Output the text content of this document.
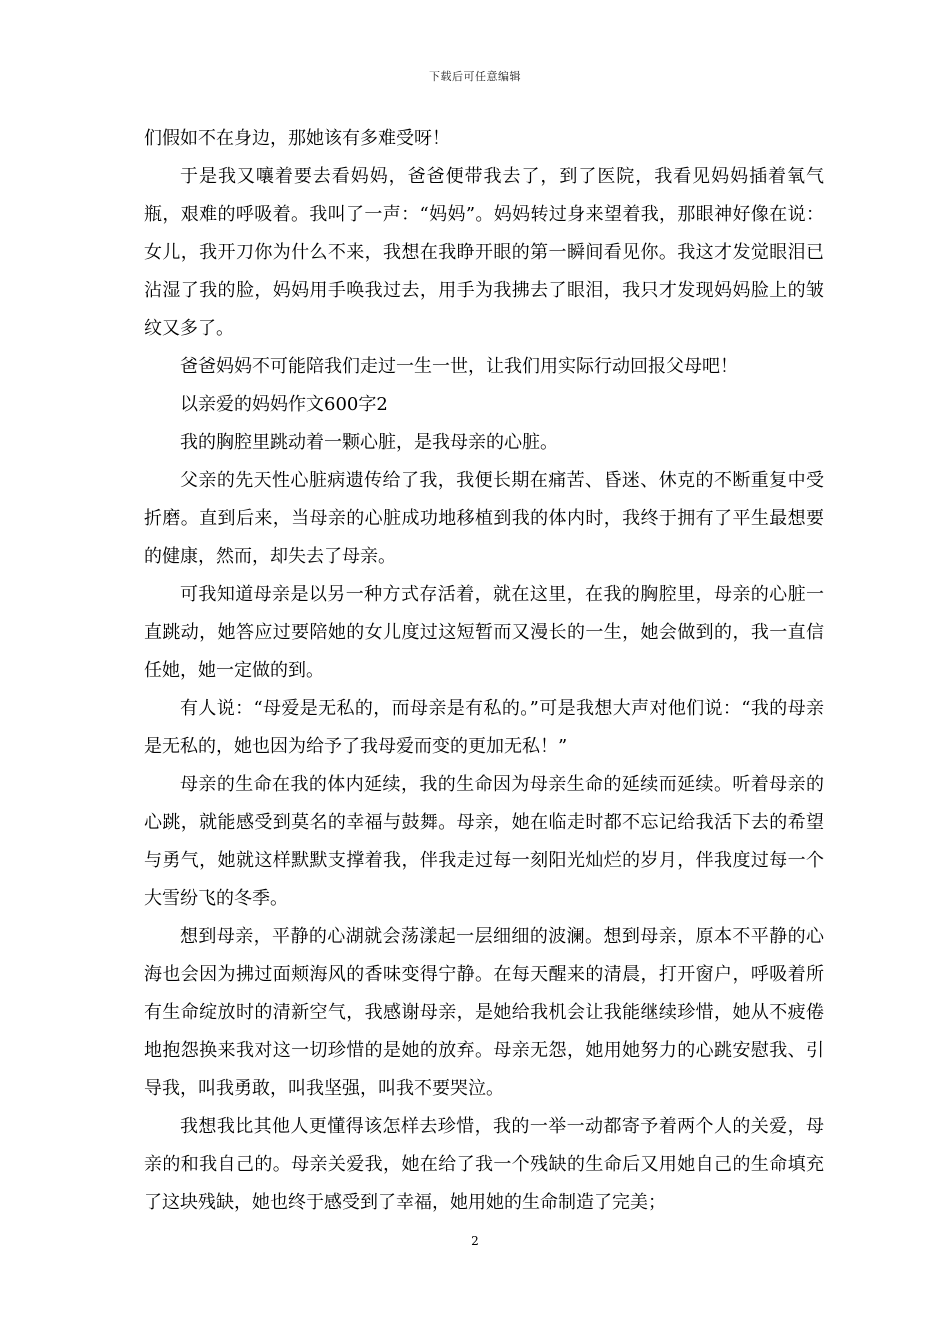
下载后可任意编辑

们假如不在身边，那她该有多难受呀！

于是我又嚷着要去看妈妈，爸爸便带我去了，到了医院，我看见妈妈插着氧气瓶，艰难的呼吸着。我叫了一声：“妈妈”。妈妈转过身来望着我，那眼神好像在说：女儿，我开刀你为什么不来，我想在我睁开眼的第一瞬间看见你。我这才发觉眼泪已沾湿了我的脸，妈妈用手唤我过去，用手为我拂去了眼泪，我只才发现妈妈脸上的皱纹又多了。

爸爸妈妈不可能陪我们走过一生一世，让我们用实际行动回报父母吧！

以亲爱的妈妈作文600字2

我的胸腔里跳动着一颗心脏，是我母亲的心脏。

父亲的先天性心脏病遗传给了我，我便长期在痛苦、昏迷、休克的不断重复中受折磨。直到后来，当母亲的心脏成功地移植到我的体内时，我终于拥有了平生最想要的健康，然而，却失去了母亲。

可我知道母亲是以另一种方式存活着，就在这里，在我的胸腔里，母亲的心脏一直跳动，她答应过要陪她的女儿度过这短暂而又漫长的一生，她会做到的，我一直信任她，她一定做的到。

有人说：“母爱是无私的，而母亲是有私的。”可是我想大声对他们说：“我的母亲是无私的，她也因为给予了我母爱而变的更加无私！”

母亲的生命在我的体内延续，我的生命因为母亲生命的延续而延续。听着母亲的心跳，就能感受到莫名的幸福与鼓舞。母亲，她在临走时都不忘记给我活下去的希望与勇气，她就这样默默支撑着我，伴我走过每一刻阳光灿烂的岁月，伴我度过每一个大雪纷飞的冬季。

想到母亲，平静的心湖就会荡漾起一层细细的波澜。想到母亲，原本不平静的心海也会因为拂过面颊海风的香味变得宁静。在每天醒来的清晨，打开窗户，呼吸着所有生命绽放时的清新空气，我感谢母亲，是她给我机会让我能继续珍惜，她从不疲倦地抱怨换来我对这一切珍惜的是她的放弃。母亲无怨，她用她努力的心跳安慰我、引导我，叫我勇敢，叫我坚强，叫我不要哭泣。

我想我比其他人更懂得该怎样去珍惜，我的一举一动都寄予着两个人的关爱，母亲的和我自己的。母亲关爱我，她在给了我一个残缺的生命后又用她自己的生命填充了这块残缺，她也终于感受到了幸福，她用她的生命制造了完美；

2
